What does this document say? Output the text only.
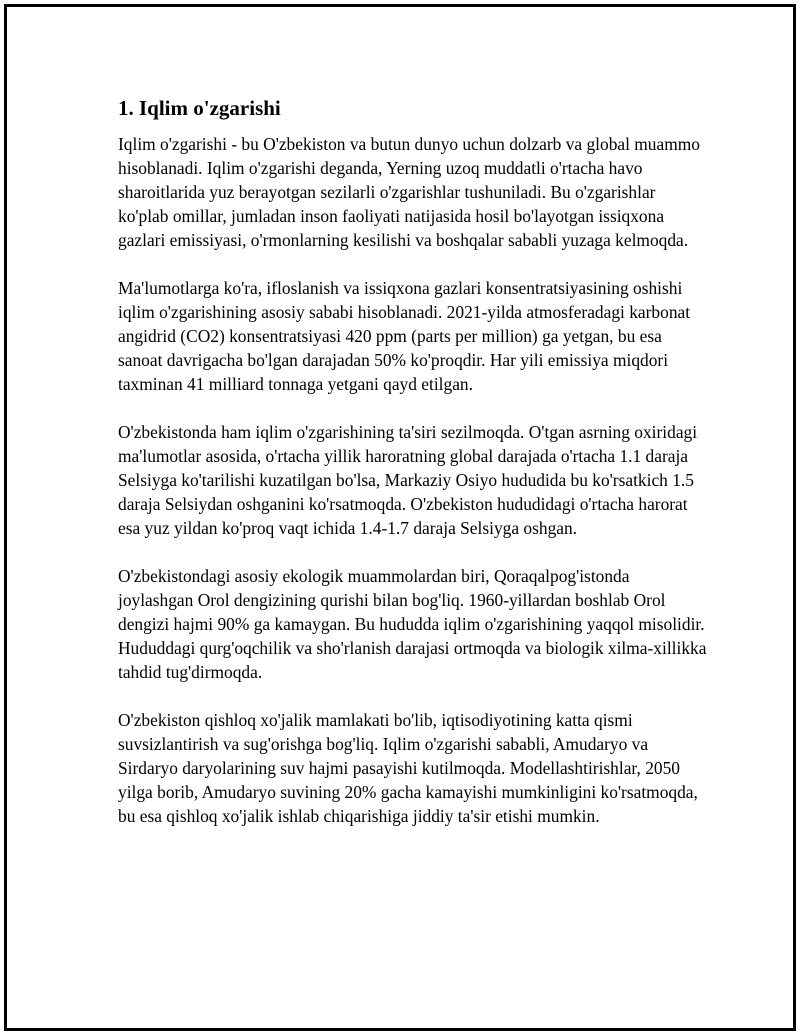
1. Iqlim o'zgarishi

Iqlim o'zgarishi - bu O'zbekiston va butun dunyo uchun dolzarb va global muammo hisoblanadi. Iqlim o'zgarishi deganda, Yerning uzoq muddatli o'rtacha havo sharoitlarida yuz berayotgan sezilarli o'zgarishlar tushuniladi. Bu o'zgarishlar ko'plab omillar, jumladan inson faoliyati natijasida hosil bo'layotgan issiqxona gazlari emissiyasi, o'rmonlarning kesilishi va boshqalar sababli yuzaga kelmoqda.

Ma'lumotlarga ko'ra, ifloslanish va issiqxona gazlari konsentratsiyasining oshishi iqlim o'zgarishining asosiy sababi hisoblanadi. 2021-yilda atmosferadagi karbonat angidrid (CO2) konsentratsiyasi 420 ppm (parts per million) ga yetgan, bu esa sanoat davrigacha bo'lgan darajadan 50% ko'proqdir. Har yili emissiya miqdori taxminan 41 milliard tonnaga yetgani qayd etilgan.

O'zbekistonda ham iqlim o'zgarishining ta'siri sezilmoqda. O'tgan asrning oxiridagi ma'lumotlar asosida, o'rtacha yillik haroratning global darajada o'rtacha 1.1 daraja Selsiyga ko'tarilishi kuzatilgan bo'lsa, Markaziy Osiyo hududida bu ko'rsatkich 1.5 daraja Selsiydan oshganini ko'rsatmoqda. O'zbekiston hududidagi o'rtacha harorat esa yuz yildan ko'proq vaqt ichida 1.4-1.7 daraja Selsiyga oshgan.

O'zbekistondagi asosiy ekologik muammolardan biri, Qoraqalpog'istonda joylashgan Orol dengizining qurishi bilan bog'liq. 1960-yillardan boshlab Orol dengizi hajmi 90% ga kamaygan. Bu hududda iqlim o'zgarishining yaqqol misolidir. Hududdagi qurg'oqchilik va sho'rlanish darajasi ortmoqda va biologik xilma-xillikka tahdid tug'dirmoqda.

O'zbekiston qishloq xo'jalik mamlakati bo'lib, iqtisodiyotining katta qismi suvsizlantirish va sug'orishga bog'liq. Iqlim o'zgarishi sababli, Amudaryo va Sirdaryo daryolarining suv hajmi pasayishi kutilmoqda. Modellashtirishlar, 2050 yilga borib, Amudaryo suvining 20% gacha kamayishi mumkinligini ko'rsatmoqda, bu esa qishloq xo'jalik ishlab chiqarishiga jiddiy ta'sir etishi mumkin.
